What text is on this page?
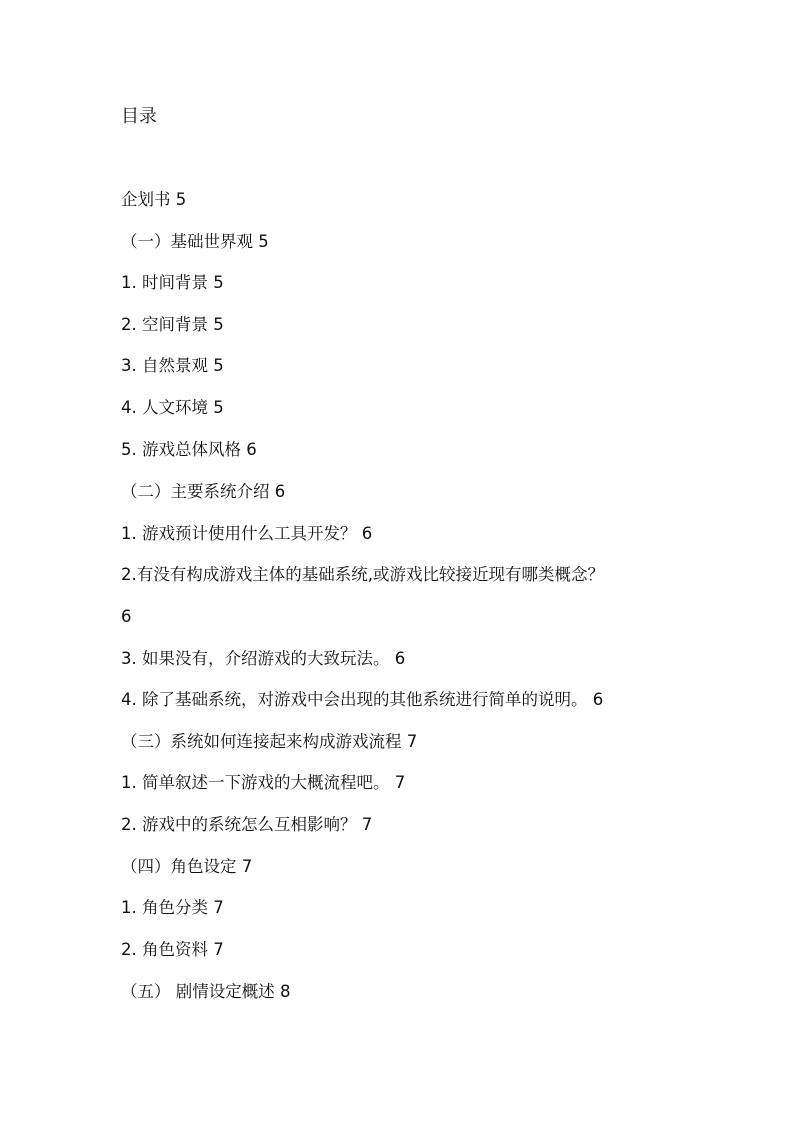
目录
企划书 5
（一）基础世界观 5
1. 时间背景 5
2. 空间背景 5
3. 自然景观 5
4. 人文环境 5
5. 游戏总体风格 6
（二）主要系统介绍 6
1. 游戏预计使用什么工具开发？ 6
2.有没有构成游戏主体的基础系统,或游戏比较接近现有哪类概念？
6
3. 如果没有，介绍游戏的大致玩法。 6
4. 除了基础系统，对游戏中会出现的其他系统进行简单的说明。 6
（三）系统如何连接起来构成游戏流程 7
1. 简单叙述一下游戏的大概流程吧。 7
2. 游戏中的系统怎么互相影响？ 7
（四）角色设定 7
1. 角色分类 7
2. 角色资料 7
（五） 剧情设定概述 8
